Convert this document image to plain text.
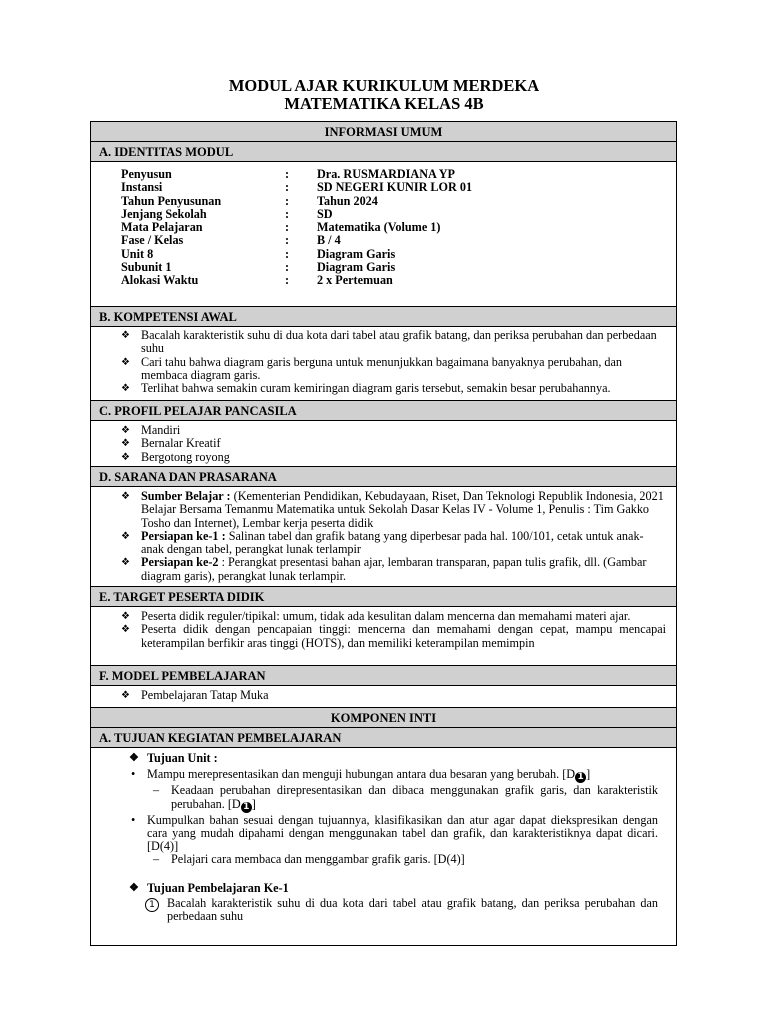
MODUL AJAR KURIKULUM MERDEKA
MATEMATIKA KELAS 4B
INFORMASI UMUM
A. IDENTITAS MODUL
Penyusun	:	Dra. RUSMARDIANA YP
Instansi	:	SD NEGERI KUNIR LOR 01
Tahun Penyusunan	:	Tahun 2024
Jenjang Sekolah	:	SD
Mata Pelajaran	:	Matematika (Volume 1)
Fase / Kelas	:	B / 4
Unit 8	:	Diagram Garis
Subunit 1	:	Diagram Garis
Alokasi Waktu	:	2 x Pertemuan
B. KOMPETENSI AWAL
❖ Bacalah karakteristik suhu di dua kota dari tabel atau grafik batang, dan periksa perubahan dan perbedaan suhu
❖ Cari tahu bahwa diagram garis berguna untuk menunjukkan bagaimana banyaknya perubahan, dan membaca diagram garis.
❖ Terlihat bahwa semakin curam kemiringan diagram garis tersebut, semakin besar perubahannya.
C. PROFIL PELAJAR PANCASILA
❖ Mandiri
❖ Bernalar Kreatif
❖ Bergotong royong
D. SARANA DAN PRASARANA
❖ Sumber Belajar : (Kementerian Pendidikan, Kebudayaan, Riset, Dan Teknologi Republik Indonesia, 2021 Belajar Bersama Temanmu Matematika untuk Sekolah Dasar Kelas IV - Volume 1, Penulis : Tim Gakko Tosho dan Internet), Lembar kerja peserta didik
❖ Persiapan ke-1 : Salinan tabel dan grafik batang yang diperbesar pada hal. 100/101, cetak untuk anak-anak dengan tabel, perangkat lunak terlampir
❖ Persiapan ke-2 : Perangkat presentasi bahan ajar, lembaran transparan, papan tulis grafik, dll. (Gambar diagram garis), perangkat lunak terlampir.
E. TARGET PESERTA DIDIK
❖ Peserta didik reguler/tipikal: umum, tidak ada kesulitan dalam mencerna dan memahami materi ajar.
❖ Peserta didik dengan pencapaian tinggi: mencerna dan memahami dengan cepat, mampu mencapai keterampilan berfikir aras tinggi (HOTS), dan memiliki keterampilan memimpin
F. MODEL PEMBELAJARAN
❖ Pembelajaran Tatap Muka
KOMPONEN INTI
A. TUJUAN KEGIATAN PEMBELAJARAN
❖ Tujuan Unit :
• Mampu merepresentasikan dan menguji hubungan antara dua besaran yang berubah. [D 1 ]
– Keadaan perubahan direpresentasikan dan dibaca menggunakan grafik garis, dan karakteristik perubahan. [D 1 ]
• Kumpulkan bahan sesuai dengan tujuannya, klasifikasikan dan atur agar dapat diekspresikan dengan cara yang mudah dipahami dengan menggunakan tabel dan grafik, dan karakteristiknya dapat dicari. [D(4)]
– Pelajari cara membaca dan menggambar grafik garis. [D(4)]
❖ Tujuan Pembelajaran Ke-1
1 Bacalah karakteristik suhu di dua kota dari tabel atau grafik batang, dan periksa perubahan dan perbedaan suhu
